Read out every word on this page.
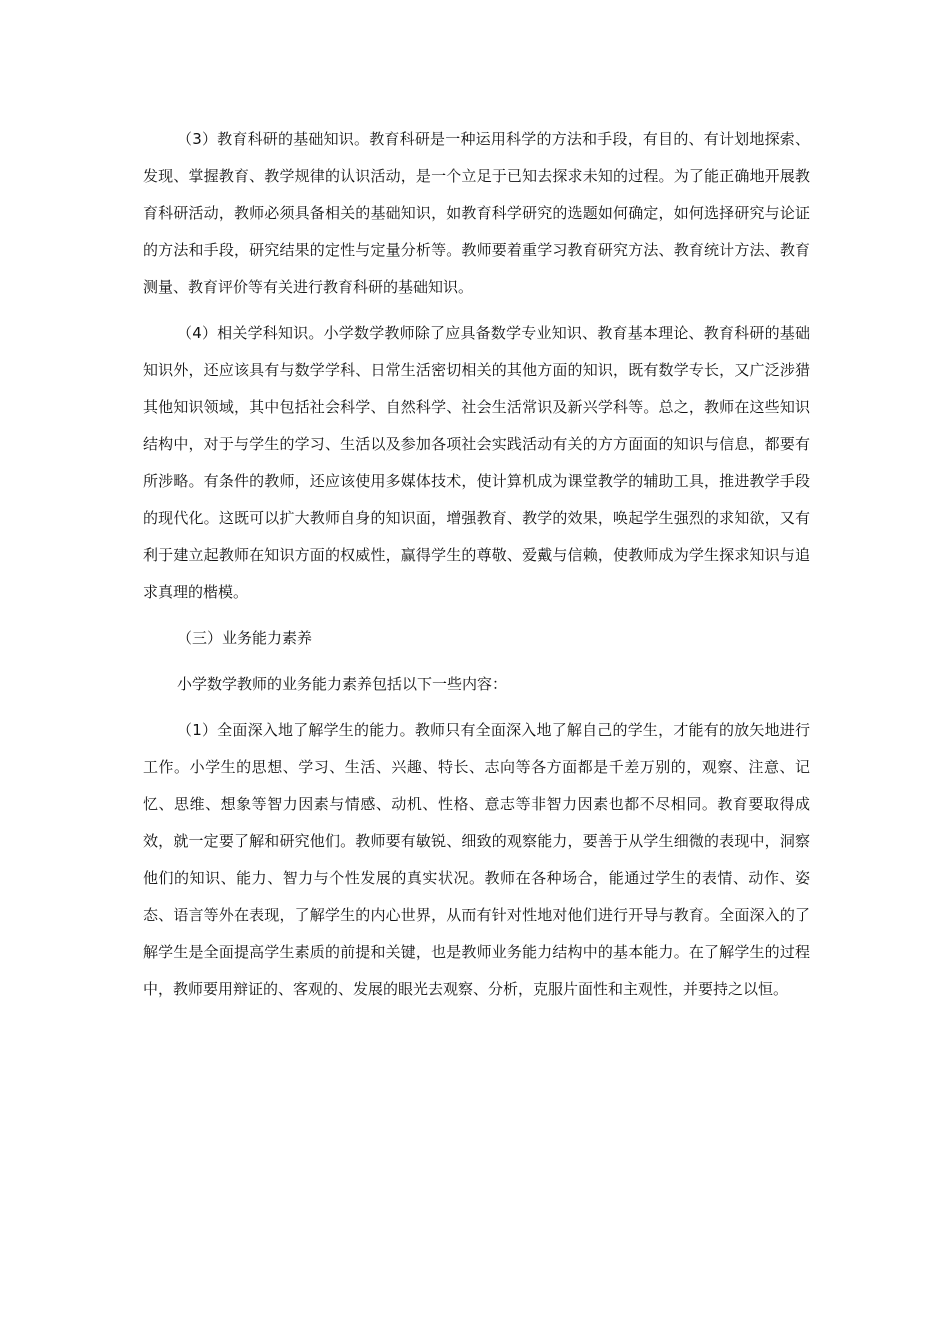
（3）教育科研的基础知识。教育科研是一种运用科学的方法和手段，有目的、有计划地探索、发现、掌握教育、教学规律的认识活动，是一个立足于已知去探求未知的过程。为了能正确地开展教育科研活动，教师必须具备相关的基础知识，如教育科学研究的选题如何确定，如何选择研究与论证的方法和手段，研究结果的定性与定量分析等。教师要着重学习教育研究方法、教育统计方法、教育测量、教育评价等有关进行教育科研的基础知识。

（4）相关学科知识。小学数学教师除了应具备数学专业知识、教育基本理论、教育科研的基础知识外，还应该具有与数学学科、日常生活密切相关的其他方面的知识，既有数学专长，又广泛涉猎其他知识领域，其中包括社会科学、自然科学、社会生活常识及新兴学科等。总之，教师在这些知识结构中，对于与学生的学习、生活以及参加各项社会实践活动有关的方方面面的知识与信息，都要有所涉略。有条件的教师，还应该使用多媒体技术，使计算机成为课堂教学的辅助工具，推进教学手段的现代化。这既可以扩大教师自身的知识面，增强教育、教学的效果，唤起学生强烈的求知欲，又有利于建立起教师在知识方面的权威性，赢得学生的尊敬、爱戴与信赖，使教师成为学生探求知识与追求真理的楷模。

（三）业务能力素养

小学数学教师的业务能力素养包括以下一些内容：

（1）全面深入地了解学生的能力。教师只有全面深入地了解自己的学生，才能有的放矢地进行工作。小学生的思想、学习、生活、兴趣、特长、志向等各方面都是千差万别的，观察、注意、记忆、思维、想象等智力因素与情感、动机、性格、意志等非智力因素也都不尽相同。教育要取得成效，就一定要了解和研究他们。教师要有敏锐、细致的观察能力，要善于从学生细微的表现中，洞察他们的知识、能力、智力与个性发展的真实状况。教师在各种场合，能通过学生的表情、动作、姿态、语言等外在表现，了解学生的内心世界，从而有针对性地对他们进行开导与教育。全面深入的了解学生是全面提高学生素质的前提和关键，也是教师业务能力结构中的基本能力。在了解学生的过程中，教师要用辩证的、客观的、发展的眼光去观察、分析，克服片面性和主观性，并要持之以恒。
